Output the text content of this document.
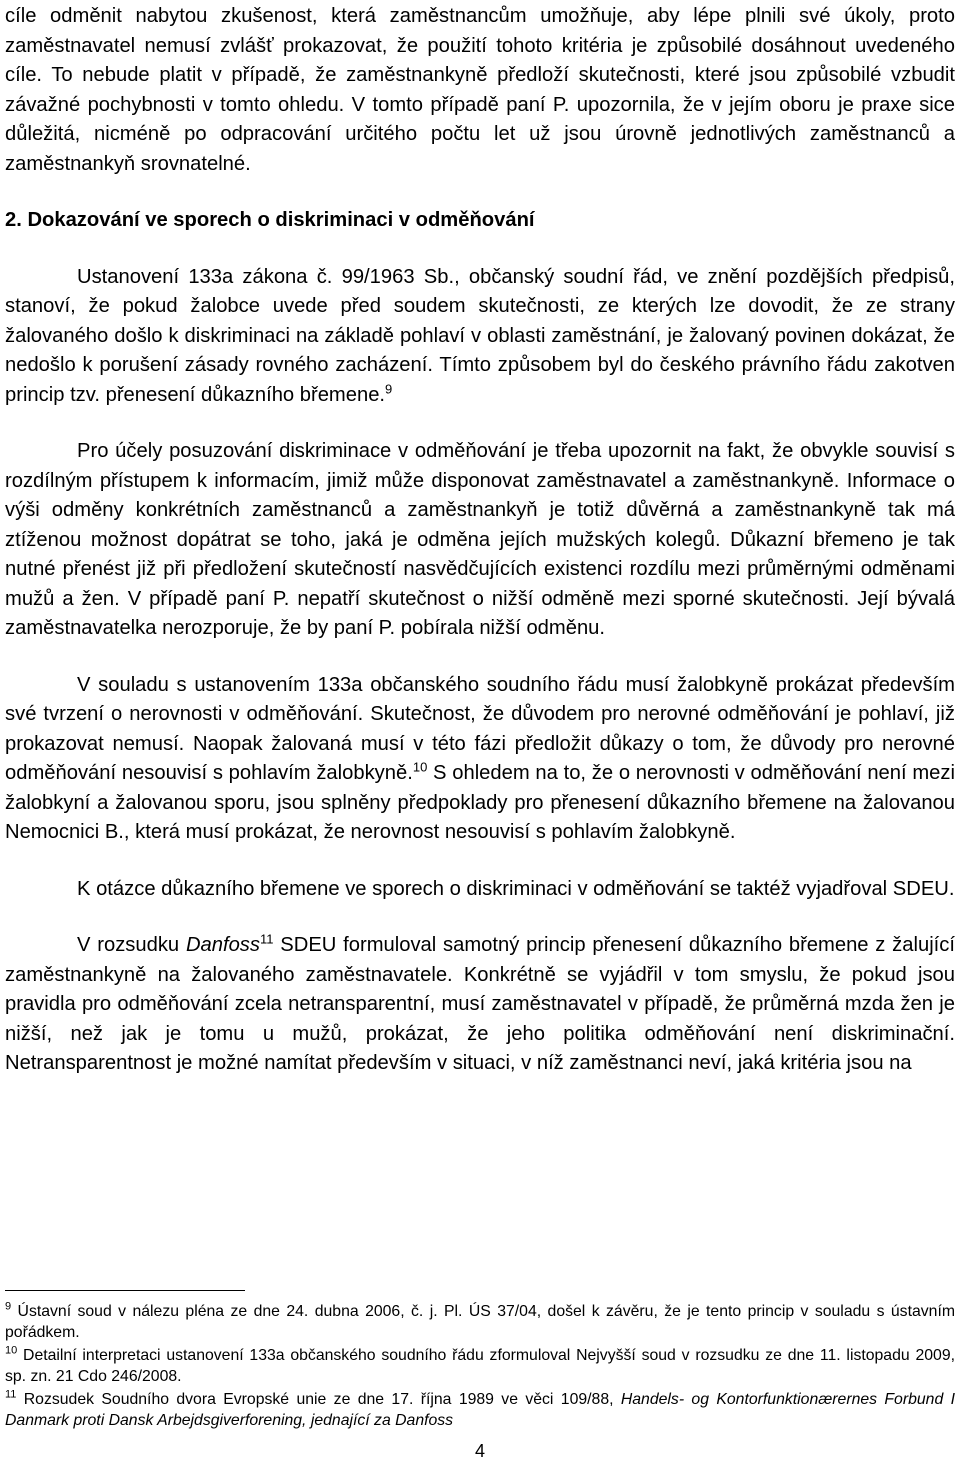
cíle odměnit nabytou zkušenost, která zaměstnancům umožňuje, aby lépe plnili své úkoly, proto zaměstnavatel nemusí zvlášť prokazovat, že použití tohoto kritéria je způsobilé dosáhnout uvedeného cíle. To nebude platit v případě, že zaměstnankyně předloží skutečnosti, které jsou způsobilé vzbudit závažné pochybnosti v tomto ohledu. V tomto případě paní P. upozornila, že v jejím oboru je praxe sice důležitá, nicméně po odpracování určitého počtu let už jsou úrovně jednotlivých zaměstnanců a zaměstnankyň srovnatelné.

2. Dokazování ve sporech o diskriminaci v odměňování

Ustanovení 133a zákona č. 99/1963 Sb., občanský soudní řád, ve znění pozdějších předpisů, stanoví, že pokud žalobce uvede před soudem skutečnosti, ze kterých lze dovodit, že ze strany žalovaného došlo k diskriminaci na základě pohlaví v oblasti zaměstnání, je žalovaný povinen dokázat, že nedošlo k porušení zásady rovného zacházení. Tímto způsobem byl do českého právního řádu zakotven princip tzv. přenesení důkazního břemene.$^9$

Pro účely posuzování diskriminace v odměňování je třeba upozornit na fakt, že obvykle souvisí s rozdílným přístupem k informacím, jimiž může disponovat zaměstnavatel a zaměstnankyně. Informace o výši odměny konkrétních zaměstnanců a zaměstnankyň je totiž důvěrná a zaměstnankyně tak má ztíženou možnost dopátrat se toho, jaká je odměna jejích mužských kolegů. Důkazní břemeno je tak nutné přenést již při předložení skutečností nasvědčujících existenci rozdílu mezi průměrnými odměnami mužů a žen. V případě paní P. nepatří skutečnost o nižší odměně mezi sporné skutečnosti. Její bývalá zaměstnavatelka nerozporuje, že by paní P. pobírala nižší odměnu.

V souladu s ustanovením 133a občanského soudního řádu musí žalobkyně prokázat především své tvrzení o nerovnosti v odměňování. Skutečnost, že důvodem pro nerovné odměňování je pohlaví, již prokazovat nemusí. Naopak žalovaná musí v této fázi předložit důkazy o tom, že důvody pro nerovné odměňování nesouvisí s pohlavím žalobkyně.$^{10}$ S ohledem na to, že o nerovnosti v odměňování není mezi žalobkyní a žalovanou sporu, jsou splněny předpoklady pro přenesení důkazního břemene na žalovanou Nemocnici B., která musí prokázat, že nerovnost nesouvisí s pohlavím žalobkyně.

K otázce důkazního břemene ve sporech o diskriminaci v odměňování se taktéž vyjadřoval SDEU.

V rozsudku Danfoss$^{11}$ SDEU formuloval samotný princip přenesení důkazního břemene z žalující zaměstnankyně na žalovaného zaměstnavatele. Konkrétně se vyjádřil v tom smyslu, že pokud jsou pravidla pro odměňování zcela netransparentní, musí zaměstnavatel v případě, že průměrná mzda žen je nižší, než jak je tomu u mužů, prokázat, že jeho politika odměňování není diskriminační. Netransparentnost je možné namítat především v situaci, v níž zaměstnanci neví, jaká kritéria jsou na

$^9$ Ústavní soud v nálezu pléna ze dne 24. dubna 2006, č. j. Pl. ÚS 37/04, došel k závěru, že je tento princip v souladu s ústavním pořádkem.

$^{10}$ Detailní interpretaci ustanovení 133a občanského soudního řádu zformuloval Nejvyšší soud v rozsudku ze dne 11. listopadu 2009, sp. zn. 21 Cdo 246/2008.

$^{11}$ Rozsudek Soudního dvora Evropské unie ze dne 17. října 1989 ve věci 109/88, Handels- og Kontorfunktionærernes Forbund I Danmark proti Dansk Arbejdsgiverforening, jednající za Danfoss

4
